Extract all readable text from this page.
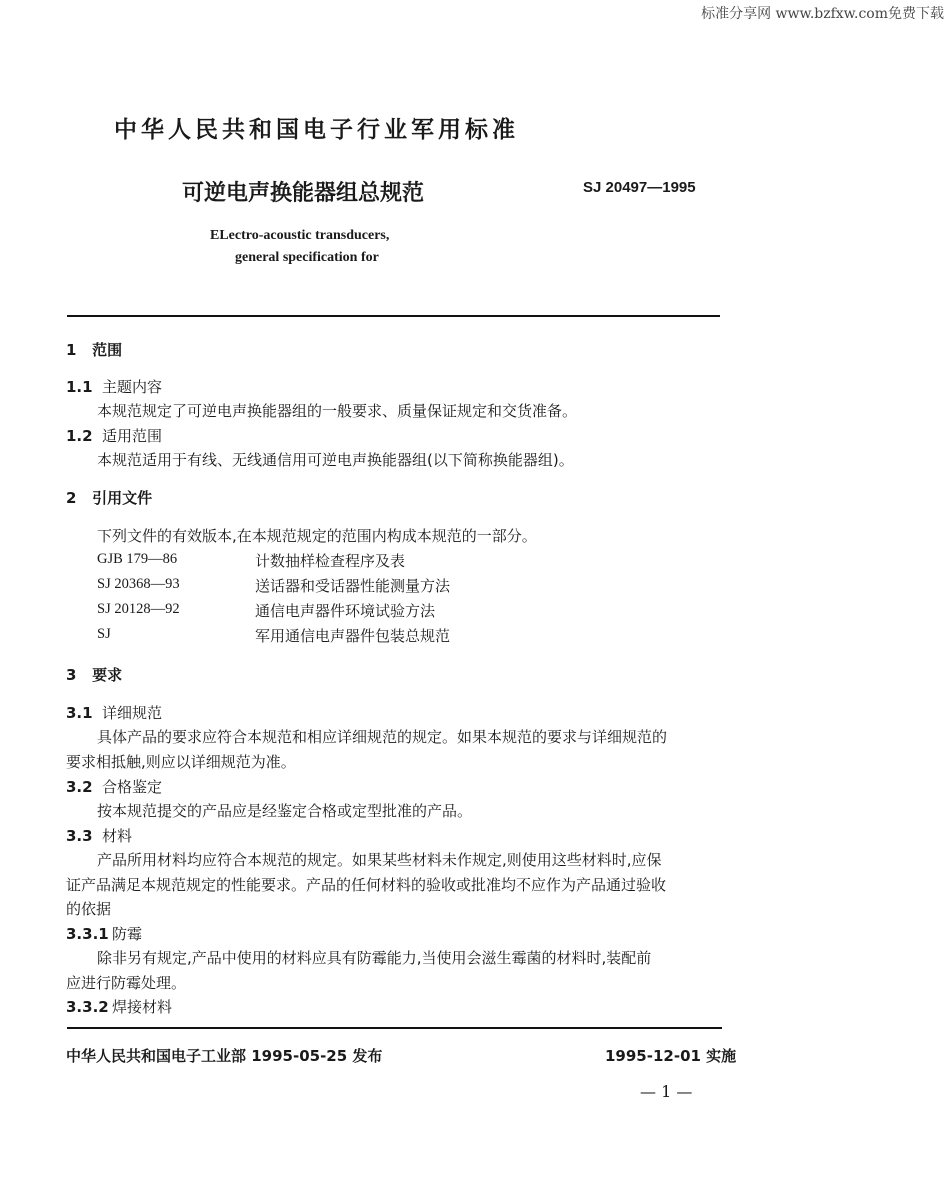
标准分享网 www.bzfxw.com免费下载
中华人民共和国电子行业军用标准
可逆电声换能器组总规范	SJ 20497—1995
ELectro-acoustic transducers,
general specification for
1 范围
1.1 主题内容
本规范规定了可逆电声换能器组的一般要求、质量保证规定和交货准备。
1.2 适用范围
本规范适用于有线、无线通信用可逆电声换能器组(以下简称换能器组)。
2 引用文件
下列文件的有效版本,在本规范规定的范围内构成本规范的一部分。
GJB 179—86	计数抽样检查程序及表
SJ 20368—93	送话器和受话器性能测量方法
SJ 20128—92	通信电声器件环境试验方法
SJ	军用通信电声器件包装总规范
3 要求
3.1 详细规范
具体产品的要求应符合本规范和相应详细规范的规定。如果本规范的要求与详细规范的
要求相抵触,则应以详细规范为准。
3.2 合格鉴定
按本规范提交的产品应是经鉴定合格或定型批准的产品。
3.3 材料
产品所用材料均应符合本规范的规定。如果某些材料未作规定,则使用这些材料时,应保
证产品满足本规范规定的性能要求。产品的任何材料的验收或批准均不应作为产品通过验收
的依据
3.3.1 防霉
除非另有规定,产品中使用的材料应具有防霉能力,当使用会滋生霉菌的材料时,装配前
应进行防霉处理。
3.3.2 焊接材料
中华人民共和国电子工业部 1995-05-25 发布	1995-12-01 实施
— 1 —
